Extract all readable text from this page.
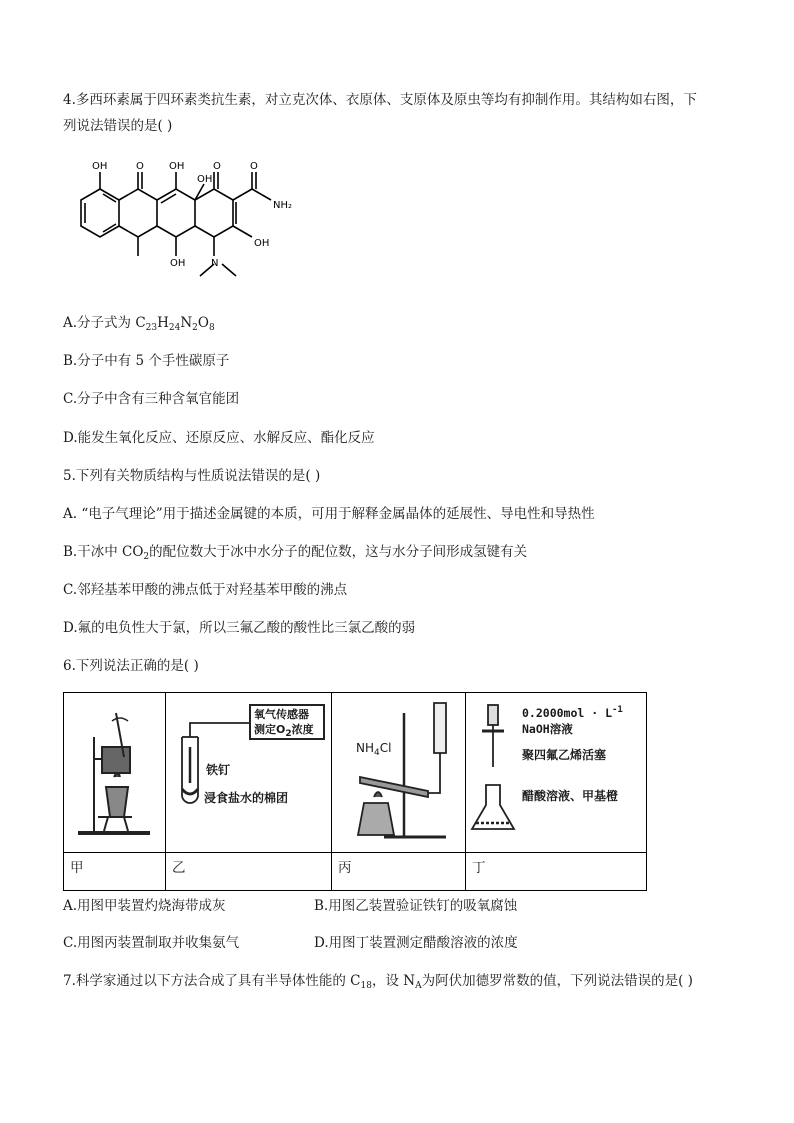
4.多西环素属于四环素类抗生素，对立克次体、衣原体、支原体及原虫等均有抑制作用。其结构如右图，下
列说法错误的是( )
OH	O	OH
OH
O	O
NH₂
OH
OH	N
A.分子式为 $C_{23}H_{24}N_2O_8$
B.分子中有 5 个手性碳原子
C.分子中含有三种含氧官能团
D.能发生氧化反应、还原反应、水解反应、酯化反应
5.下列有关物质结构与性质说法错误的是( )
A. “电子气理论”用于描述金属键的本质，可用于解释金属晶体的延展性、导电性和导热性
B.干冰中 $CO_2$的配位数大于冰中水分子的配位数，这与水分子间形成氢键有关
C.邻羟基苯甲酸的沸点低于对羟基苯甲酸的沸点
D.氟的电负性大于氯，所以三氟乙酸的酸性比三氯乙酸的弱
6.下列说法正确的是( )
氧气传感器
测定$O_2$浓度
铁钉
浸食盐水的棉团
$NH_4Cl$
$0.2000mol \cdot L^{-1}$
NaOH溶液
聚四氟乙烯活塞
醋酸溶液、甲基橙
甲	乙	丙	丁
A.用图甲装置灼烧海带成灰	B.用图乙装置验证铁钉的吸氧腐蚀
C.用图丙装置制取并收集氨气	D.用图丁装置测定醋酸溶液的浓度
7.科学家通过以下方法合成了具有半导体性能的 $C_{18}$，设 $N_A$为阿伏加德罗常数的值，下列说法错误的是( )
